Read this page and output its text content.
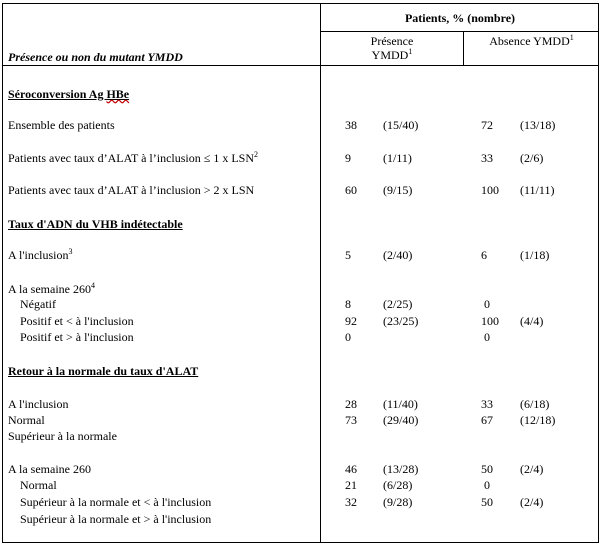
Patients, % (nombre)
Présence
YMDD$^1$
Absence YMDD$^1$
Présence ou non du mutant YMDD
Séroconversion Ag HBe
Ensemble des patients	38 (15/40)	72 (13/18)
Patients avec taux d’ALAT à l’inclusion ≤ 1 x LSN$^2$	9	(1/11)	33 (2/6)
Patients avec taux d’ALAT à l’inclusion > 2 x LSN	60 (9/15)	100 (11/11)
Taux d'ADN du VHB indétectable
A l'inclusion$^3$	5	(2/40)	6	(1/18)
A la semaine $260^4$
Négatif	8	(2/25)	0
Positif et < à l'inclusion	92 (23/25)	100 (4/4)
Positif et > à l'inclusion	0	0
Retour à la normale du taux d'ALAT
A l'inclusion	28 (11/40)	33 (6/18)
Normal	73 (29/40)	67 (12/18)
Supérieur à la normale
A la semaine 260	46 (13/28)	50 (2/4)
Normal	21 (6/28)	0
Supérieur à la normale et < à l'inclusion	32 (9/28)	50 (2/4)
Supérieur à la normale et > à l'inclusion
